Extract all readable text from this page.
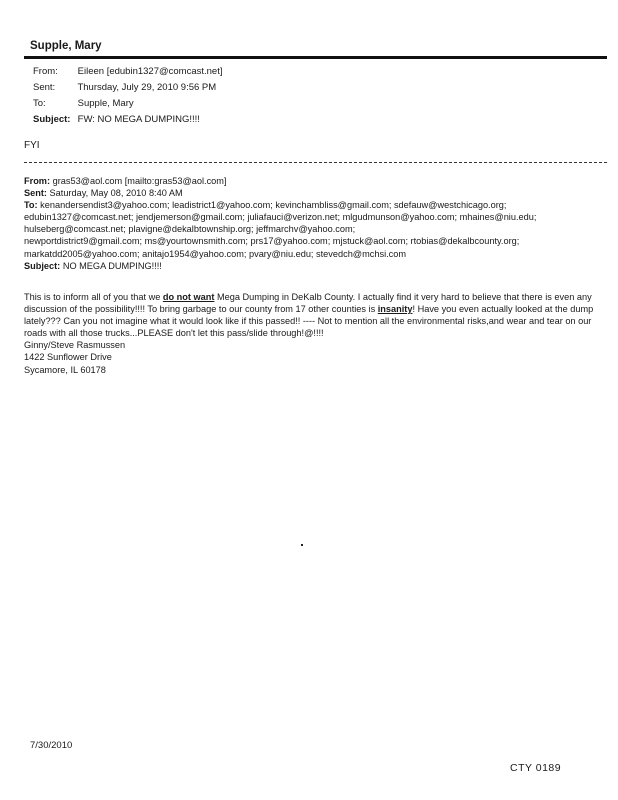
Supple, Mary
From: Eileen [edubin1327@comcast.net]
Sent: Thursday, July 29, 2010 9:56 PM
To:	Supple, Mary
Subject: FW: NO MEGA DUMPING!!!!
FYI

From: gras53@aol.com [mailto:gras53@aol.com]

Sent: Saturday, May 08, 2010 8:40 AM

To: kenandersendist3@yahoo.com; leadistrict1@yahoo.com; kevinchambliss@gmail.com; sdefauw@westchicago.org;

edubin1327@comcast.net; jendjemerson@gmail.com; juliafauci@verizon.net; mlgudmunson@yahoo.com; mhaines@niu.edu;

hulseberg@comcast.net; plavigne@dekalbtownship.org; jeffmarchv@yahoo.com;

newportdistrict9@gmail.com; ms@yourtownsmith.com; prs17@yahoo.com; mjstuck@aol.com; rtobias@dekalbcounty.org;

markatdd2005@yahoo.com; anitajo1954@yahoo.com; pvary@niu.edu; stevedch@mchsi.com

Subject: NO MEGA DUMPING!!!!

This is to inform all of you that we do not want Mega Dumping in DeKalb County. I actually find it very hard to believe that there is even any discussion of the possibility!!!! To bring garbage to our county from 17 other counties is insanity! Have you even actually looked at the dump lately??? Can you not imagine what it would look like if this passed!! ---- Not to mention all the environmental risks,and wear and tear on our roads with all those trucks...PLEASE don't let this pass/slide through!@!!!!

Ginny/Steve Rasmussen

1422 Sunflower Drive

Sycamore, IL 60178

7/30/2010
CTY 0189
